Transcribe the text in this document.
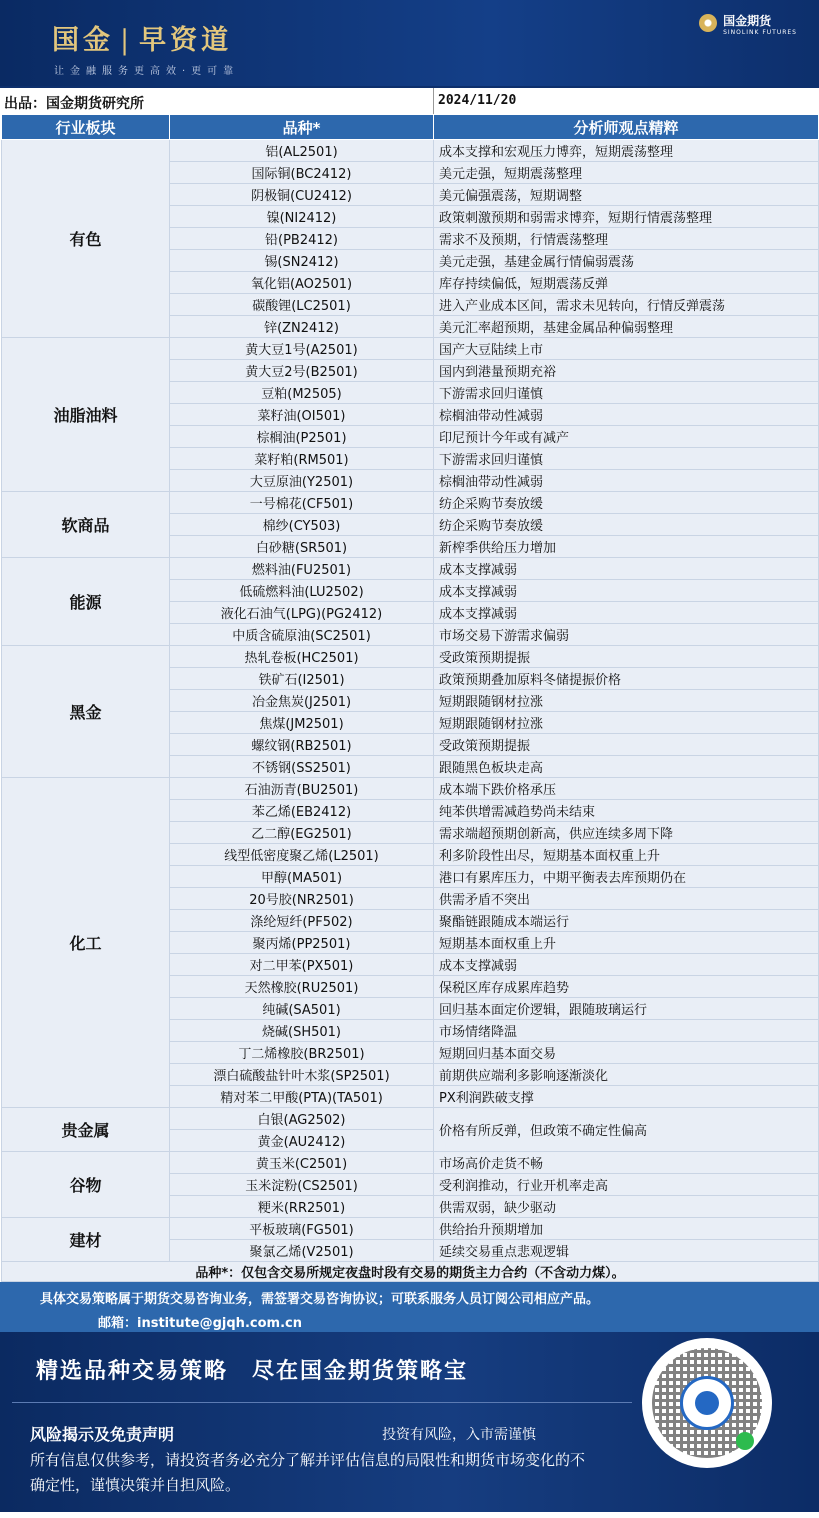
国金 | 早资道
让金融服务更高效·更可靠
国金期货
SINOLINK FUTURES
出品：国金期货研究所	2024/11/20
行业板块	品种*	分析师观点精粹
有色	铝(AL2501)	成本支撑和宏观压力博弈，短期震荡整理
	国际铜(BC2412)	美元走强，短期震荡整理
	阴极铜(CU2412)	美元偏强震荡，短期调整
	镍(NI2412)	政策刺激预期和弱需求博弈，短期行情震荡整理
	铅(PB2412)	需求不及预期，行情震荡整理
	锡(SN2412)	美元走强，基建金属行情偏弱震荡
	氧化铝(AO2501)	库存持续偏低，短期震荡反弹
	碳酸锂(LC2501)	进入产业成本区间，需求未见转向，行情反弹震荡
	锌(ZN2412)	美元汇率超预期，基建金属品种偏弱整理
油脂油料	黄大豆1号(A2501)	国产大豆陆续上市
	黄大豆2号(B2501)	国内到港量预期充裕
	豆粕(M2505)	下游需求回归谨慎
	菜籽油(OI501)	棕榈油带动性减弱
	棕榈油(P2501)	印尼预计今年或有减产
	菜籽粕(RM501)	下游需求回归谨慎
	大豆原油(Y2501)	棕榈油带动性减弱
软商品	一号棉花(CF501)	纺企采购节奏放缓
	棉纱(CY503)	纺企采购节奏放缓
	白砂糖(SR501)	新榨季供给压力增加
能源	燃料油(FU2501)	成本支撑减弱
	低硫燃料油(LU2502)	成本支撑减弱
	液化石油气(LPG)(PG2412)	成本支撑减弱
	中质含硫原油(SC2501)	市场交易下游需求偏弱
黑金	热轧卷板(HC2501)	受政策预期提振
	铁矿石(I2501)	政策预期叠加原料冬储提振价格
	冶金焦炭(J2501)	短期跟随钢材拉涨
	焦煤(JM2501)	短期跟随钢材拉涨
	螺纹钢(RB2501)	受政策预期提振
	不锈钢(SS2501)	跟随黑色板块走高
化工	石油沥青(BU2501)	成本端下跌价格承压
	苯乙烯(EB2412)	纯苯供增需减趋势尚未结束
	乙二醇(EG2501)	需求端超预期创新高，供应连续多周下降
	线型低密度聚乙烯(L2501)	利多阶段性出尽，短期基本面权重上升
	甲醇(MA501)	港口有累库压力，中期平衡表去库预期仍在
	20号胶(NR2501)	供需矛盾不突出
	涤纶短纤(PF502)	聚酯链跟随成本端运行
	聚丙烯(PP2501)	短期基本面权重上升
	对二甲苯(PX501)	成本支撑减弱
	天然橡胶(RU2501)	保税区库存成累库趋势
	纯碱(SA501)	回归基本面定价逻辑，跟随玻璃运行
	烧碱(SH501)	市场情绪降温
	丁二烯橡胶(BR2501)	短期回归基本面交易
	漂白硫酸盐针叶木浆(SP2501)	前期供应端利多影响逐渐淡化
	精对苯二甲酸(PTA)(TA501)	PX利润跌破支撑
贵金属	白银(AG2502)	价格有所反弹，但政策不确定性偏高
	黄金(AU2412)	
谷物	黄玉米(C2501)	市场高价走货不畅
	玉米淀粉(CS2501)	受利润推动，行业开机率走高
	粳米(RR2501)	供需双弱，缺少驱动
建材	平板玻璃(FG501)	供给抬升预期增加
	聚氯乙烯(V2501)	延续交易重点悲观逻辑
品种*：仅包含交易所规定夜盘时段有交易的期货主力合约（不含动力煤）。		
具体交易策略属于期货交易咨询业务，需签署交易咨询协议；可联系服务人员订阅公司相应产品。
邮箱：institute@gjqh.com.cn
精选品种交易策略　尽在国金期货策略宝
风险揭示及免责声明	投资有风险，入市需谨慎
所有信息仅供参考，请投资者务必充分了解并评估信息的局限性和期货市场变化的不确定性，谨慎决策并自担风险。
